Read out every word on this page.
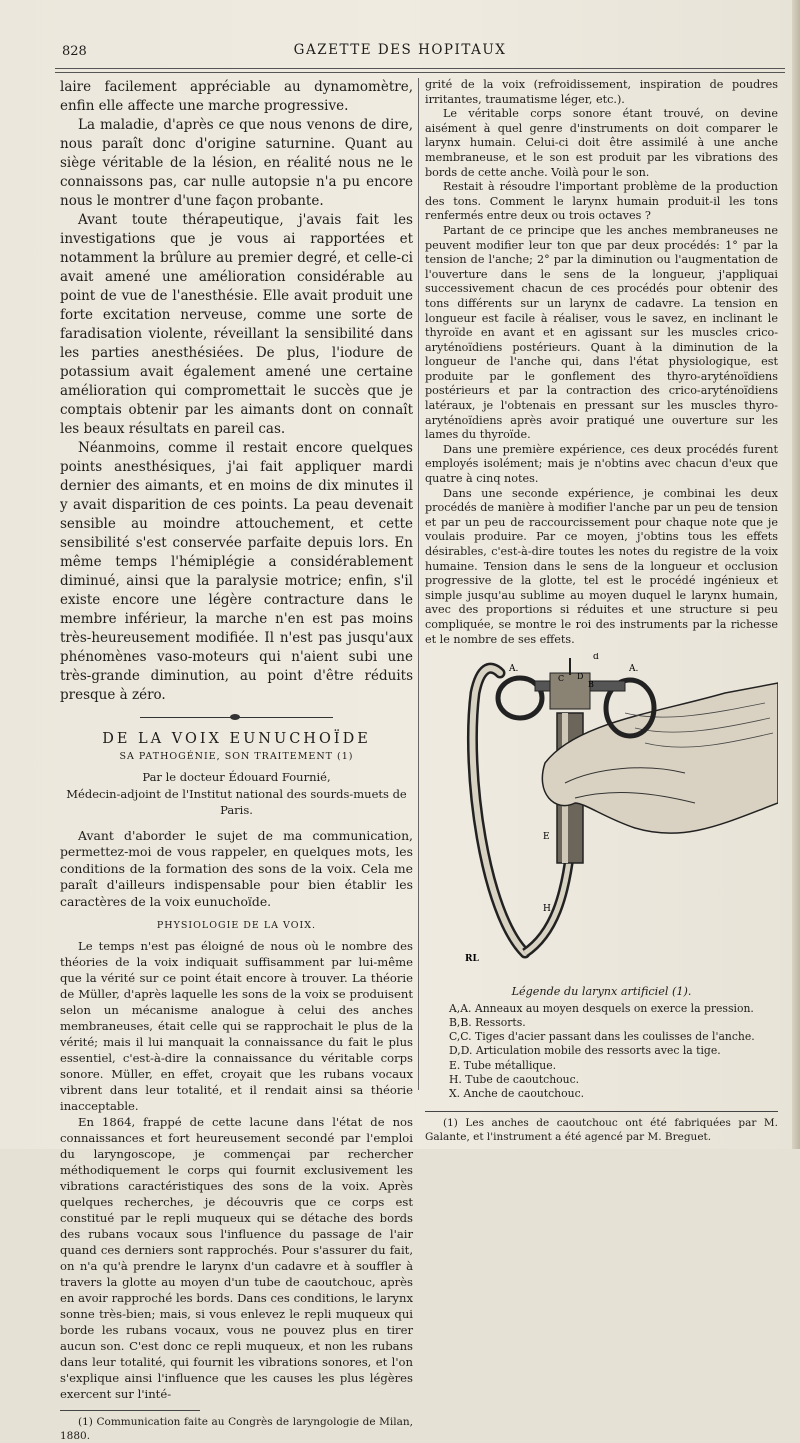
828	GAZETTE DES HOPITAUX

laire facilement appréciable au dynamomètre, enfin elle affecte une marche progressive.

La maladie, d'après ce que nous venons de dire, nous paraît donc d'origine saturnine. Quant au siège véritable de la lésion, en réalité nous ne le connaissons pas, car nulle autopsie n'a pu encore nous le montrer d'une façon probante.

Avant toute thérapeutique, j'avais fait les investigations que je vous ai rapportées et notamment la brûlure au premier degré, et celle-ci avait amené une amélioration considérable au point de vue de l'anesthésie. Elle avait produit une forte excitation nerveuse, comme une sorte de faradisation violente, réveillant la sensibilité dans les parties anesthésiées. De plus, l'iodure de potassium avait également amené une certaine amélioration qui compromettait le succès que je comptais obtenir par les aimants dont on connaît les beaux résultats en pareil cas.

Néanmoins, comme il restait encore quelques points anesthésiques, j'ai fait appliquer mardi dernier des aimants, et en moins de dix minutes il y avait disparition de ces points. La peau devenait sensible au moindre attouchement, et cette sensibilité s'est conservée parfaite depuis lors. En même temps l'hémiplégie a considérablement diminué, ainsi que la paralysie motrice; enfin, s'il existe encore une légère contracture dans le membre inférieur, la marche n'en est pas moins très-heureusement modifiée. Il n'est pas jusqu'aux phénomènes vaso-moteurs qui n'aient subi une très-grande diminution, au point d'être réduits presque à zéro.

DE LA VOIX EUNUCHOÏDE
SA PATHOGÉNIE, SON TRAITEMENT (1)
Par le docteur Édouard Fournié,
Médecin-adjoint de l'Institut national des sourds-muets de Paris.

Avant d'aborder le sujet de ma communication, permettez-moi de vous rappeler, en quelques mots, les conditions de la formation des sons de la voix. Cela me paraît d'ailleurs indispensable pour bien établir les caractères de la voix eunuchoïde.

PHYSIOLOGIE DE LA VOIX.

Le temps n'est pas éloigné de nous où le nombre des théories de la voix indiquait suffisamment par lui-même que la vérité sur ce point était encore à trouver. La théorie de Müller, d'après laquelle les sons de la voix se produisent selon un mécanisme analogue à celui des anches membraneuses, était celle qui se rapprochait le plus de la vérité; mais il lui manquait la connaissance du fait le plus essentiel, c'est-à-dire la connaissance du véritable corps sonore. Müller, en effet, croyait que les rubans vocaux vibrent dans leur totalité, et il rendait ainsi sa théorie inacceptable.

En 1864, frappé de cette lacune dans l'état de nos connaissances et fort heureusement secondé par l'emploi du laryngoscope, je commençai par rechercher méthodiquement le corps qui fournit exclusivement les vibrations caractéristiques des sons de la voix. Après quelques recherches, je découvris que ce corps est constitué par le repli muqueux qui se détache des bords des rubans vocaux sous l'influence du passage de l'air quand ces derniers sont rapprochés. Pour s'assurer du fait, on n'a qu'à prendre le larynx d'un cadavre et à souffler à travers la glotte au moyen d'un tube de caoutchouc, après en avoir rapproché les bords. Dans ces conditions, le larynx sonne très-bien; mais, si vous enlevez le repli muqueux qui borde les rubans vocaux, vous ne pouvez plus en tirer aucun son. C'est donc ce repli muqueux, et non les rubans dans leur totalité, qui fournit les vibrations sonores, et l'on s'explique ainsi l'influence que les causes les plus légères exercent sur l'inté-

(1) Communication faite au Congrès de laryngologie de Milan, 1880.

grité de la voix (refroidissement, inspiration de poudres irritantes, traumatisme léger, etc.).

Le véritable corps sonore étant trouvé, on devine aisément à quel genre d'instruments on doit comparer le larynx humain. Celui-ci doit être assimilé à une anche membraneuse, et le son est produit par les vibrations des bords de cette anche. Voilà pour le son.

Restait à résoudre l'important problème de la production des tons. Comment le larynx humain produit-il les tons renfermés entre deux ou trois octaves ?

Partant de ce principe que les anches membraneuses ne peuvent modifier leur ton que par deux procédés: 1° par la tension de l'anche; 2° par la diminution ou l'augmentation de l'ouverture dans le sens de la longueur, j'appliquai successivement chacun de ces procédés pour obtenir des tons différents sur un larynx de cadavre. La tension en longueur est facile à réaliser, vous le savez, en inclinant le thyroïde en avant et en agissant sur les muscles crico-aryténoïdiens postérieurs. Quant à la diminution de la longueur de l'anche qui, dans l'état physiologique, est produite par le gonflement des thyro-aryténoïdiens postérieurs et par la contraction des crico-aryténoïdiens latéraux, je l'obtenais en pressant sur les muscles thyro-aryténoïdiens après avoir pratiqué une ouverture sur les lames du thyroïde.

Dans une première expérience, ces deux procédés furent employés isolément; mais je n'obtins avec chacun d'eux que quatre à cinq notes.

Dans une seconde expérience, je combinai les deux procédés de manière à modifier l'anche par un peu de tension et par un peu de raccourcissement pour chaque note que je voulais produire. Par ce moyen, j'obtins tous les effets désirables, c'est-à-dire toutes les notes du registre de la voix humaine. Tension dans le sens de la longueur et occlusion progressive de la glotte, tel est le procédé ingénieux et simple jusqu'au sublime au moyen duquel le larynx humain, avec des proportions si réduites et une structure si peu compliquée, se montre le roi des instruments par la richesse et le nombre de ses effets.

A.	A.
d
C D
B
E
H
RL
Légende du larynx artificiel (1).
A,A. Anneaux au moyen desquels on exerce la pression.
B,B. Ressorts.
C,C. Tiges d'acier passant dans les coulisses de l'anche.
D,D. Articulation mobile des ressorts avec la tige.
E. Tube métallique.
H. Tube de caoutchouc.
X. Anche de caoutchouc.

(1) Les anches de caoutchouc ont été fabriquées par M. Galante, et l'instrument a été agencé par M. Breguet.
